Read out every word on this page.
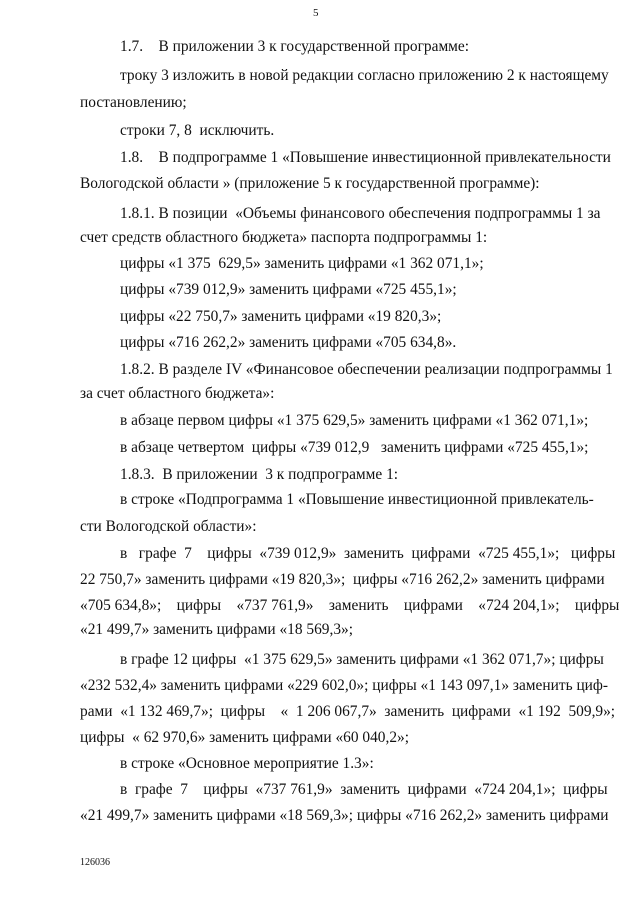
5
1.7.    В приложении 3 к государственной программе:
троку 3 изложить в новой редакции согласно приложению 2 к настоящему
постановлению;
строки 7, 8  исключить.
1.8.    В подпрограмме 1 «Повышение инвестиционной привлекательности
Вологодской области » (приложение 5 к государственной программе):
1.8.1. В позиции  «Объемы финансового обеспечения подпрограммы 1 за
счет средств областного бюджета» паспорта подпрограммы 1:
цифры «1 375  629,5» заменить цифрами «1 362 071,1»;
цифры «739 012,9» заменить цифрами «725 455,1»;
цифры «22 750,7» заменить цифрами «19 820,3»;
цифры «716 262,2» заменить цифрами «705 634,8».
1.8.2. В разделе IV «Финансовое обеспечении реализации подпрограммы 1
за счет областного бюджета»:
в абзаце первом цифры «1 375 629,5» заменить цифрами «1 362 071,1»;
в абзаце четвертом  цифры «739 012,9   заменить цифрами «725 455,1»;
1.8.3.  В приложении  3 к подпрограмме 1:
в строке «Подпрограмма 1 «Повышение инвестиционной привлекатель-
сти Вологодской области»:
в   графе  7    цифры  «739 012,9»  заменить  цифрами  «725 455,1»;   цифры
22 750,7» заменить цифрами «19 820,3»;  цифры «716 262,2» заменить цифрами
«705 634,8»;    цифры    «737 761,9»    заменить    цифрами    «724 204,1»;    цифры
«21 499,7» заменить цифрами «18 569,3»;
в графе 12 цифры  «1 375 629,5» заменить цифрами «1 362 071,7»; цифры
«232 532,4» заменить цифрами «229 602,0»; цифры «1 143 097,1» заменить циф-
рами  «1 132 469,7»;  цифры    «  1 206 067,7»  заменить  цифрами  «1 192  509,9»;
цифры  « 62 970,6» заменить цифрами «60 040,2»;
в строке «Основное мероприятие 1.3»:
в  графе  7    цифры  «737 761,9»  заменить  цифрами  «724 204,1»;  цифры
«21 499,7» заменить цифрами «18 569,3»; цифры «716 262,2» заменить цифрами
126036
